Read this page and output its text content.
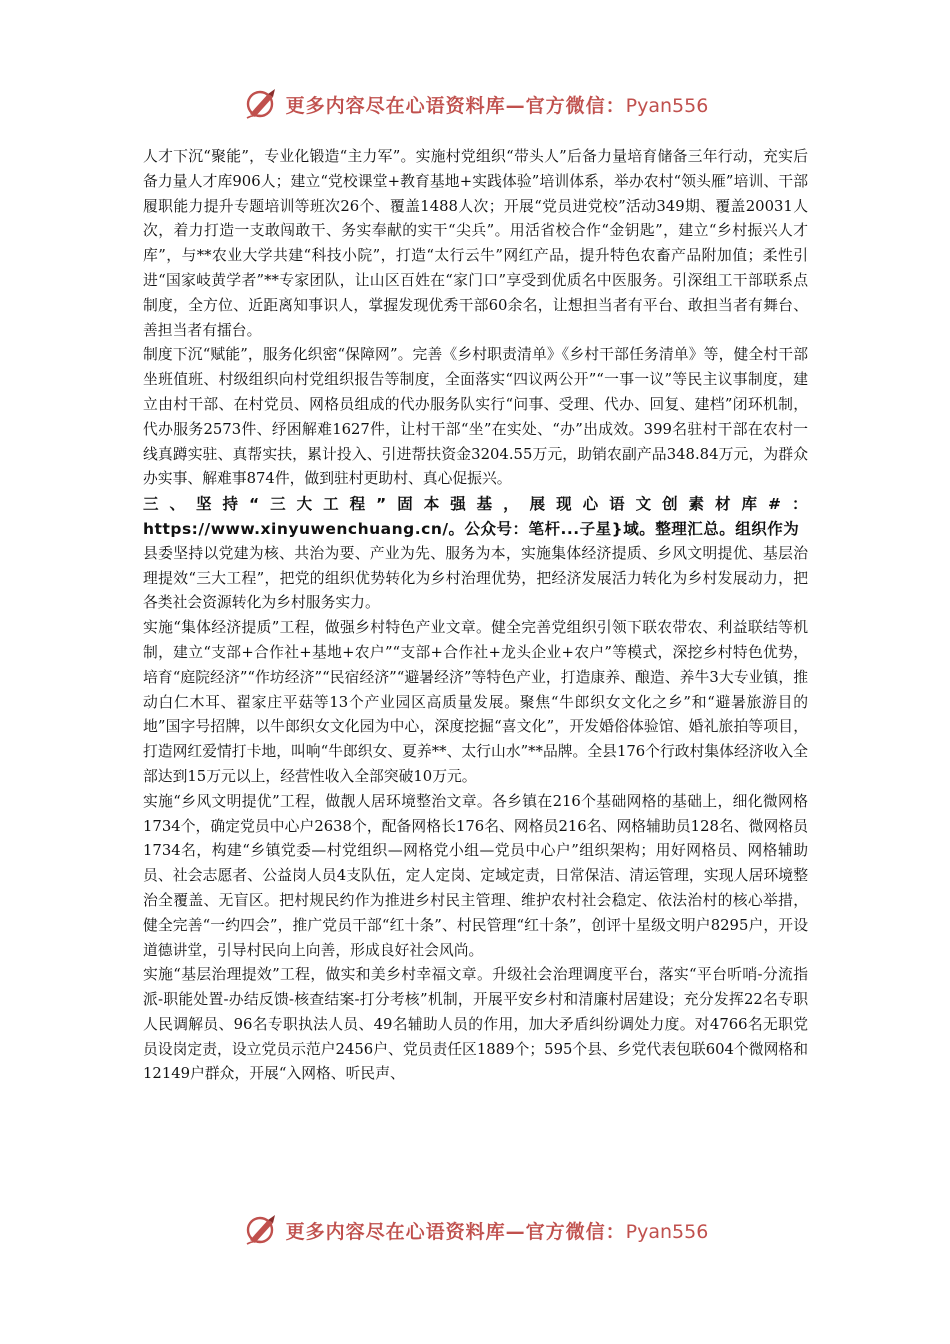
更多内容尽在心语资料库—官方微信：Pyan556

人才下沉“聚能”，专业化锻造“主力军”。实施村党组织“带头人”后备力量培育储备三年行动，充实后备力量人才库906人；建立“党校课堂+教育基地+实践体验”培训体系，举办农村“领头雁”培训、干部履职能力提升专题培训等班次26个、覆盖1488人次；开展“党员进党校”活动349期、覆盖20031人次，着力打造一支敢闯敢干、务实奉献的实干“尖兵”。用活省校合作“金钥匙”，建立“乡村振兴人才库”，与**农业大学共建“科技小院”，打造“太行云牛”网红产品，提升特色农畜产品附加值；柔性引进“国家岐黄学者”**专家团队，让山区百姓在“家门口”享受到优质名中医服务。引深组工干部联系点制度，全方位、近距离知事识人，掌握发现优秀干部60余名，让想担当者有平台、敢担当者有舞台、善担当者有擂台。

制度下沉“赋能”，服务化织密“保障网”。完善《乡村职责清单》《乡村干部任务清单》等，健全村干部坐班值班、村级组织向村党组织报告等制度，全面落实“四议两公开”“一事一议”等民主议事制度，建立由村干部、在村党员、网格员组成的代办服务队实行“问事、受理、代办、回复、建档”闭环机制，代办服务2573件、纾困解难1627件，让村干部“坐”在实处、“办”出成效。399名驻村干部在农村一线真蹲实驻、真帮实扶，累计投入、引进帮扶资金3204.55万元，助销农副产品348.84万元，为群众办实事、解难事874件，做到驻村更助村、真心促振兴。

三、坚持“三大工程”固本强基，展现心语文创素材库#：https://www.xinyuwenchuang.cn/。公众号：笔杆...子星}域。整理汇总。组织作为

县委坚持以党建为核、共治为要、产业为先、服务为本，实施集体经济提质、乡风文明提优、基层治理提效“三大工程”，把党的组织优势转化为乡村治理优势，把经济发展活力转化为乡村发展动力，把各类社会资源转化为乡村服务实力。

实施“集体经济提质”工程，做强乡村特色产业文章。健全完善党组织引领下联农带农、利益联结等机制，建立“支部+合作社+基地+农户”“支部+合作社+龙头企业+农户”等模式，深挖乡村特色优势，培育“庭院经济”“作坊经济”“民宿经济”“避暑经济”等特色产业，打造康养、酿造、养牛3大专业镇，推动白仁木耳、翟家庄平菇等13个产业园区高质量发展。聚焦“牛郎织女文化之乡”和“避暑旅游目的地”国字号招牌，以牛郎织女文化园为中心，深度挖掘“喜文化”，开发婚俗体验馆、婚礼旅拍等项目，打造网红爱情打卡地，叫响“牛郎织女、夏养**、太行山水”**品牌。全县176个行政村集体经济收入全部达到15万元以上，经营性收入全部突破10万元。

实施“乡风文明提优”工程，做靓人居环境整治文章。各乡镇在216个基础网格的基础上，细化微网格1734个，确定党员中心户2638个，配备网格长176名、网格员216名、网格辅助员128名、微网格员1734名，构建“乡镇党委—村党组织—网格党小组—党员中心户”组织架构；用好网格员、网格辅助员、社会志愿者、公益岗人员4支队伍，定人定岗、定域定责，日常保洁、清运管理，实现人居环境整治全覆盖、无盲区。把村规民约作为推进乡村民主管理、维护农村社会稳定、依法治村的核心举措，健全完善“一约四会”，推广党员干部“红十条”、村民管理“红十条”，创评十星级文明户8295户，开设道德讲堂，引导村民向上向善，形成良好社会风尚。

实施“基层治理提效”工程，做实和美乡村幸福文章。升级社会治理调度平台，落实“平台听哨-分流指派-职能处置-办结反馈-核查结案-打分考核”机制，开展平安乡村和清廉村居建设；充分发挥22名专职人民调解员、96名专职执法人员、49名辅助人员的作用，加大矛盾纠纷调处力度。对4766名无职党员设岗定责，设立党员示范户2456户、党员责任区1889个；595个县、乡党代表包联604个微网格和12149户群众，开展“入网格、听民声、

更多内容尽在心语资料库—官方微信：Pyan556
